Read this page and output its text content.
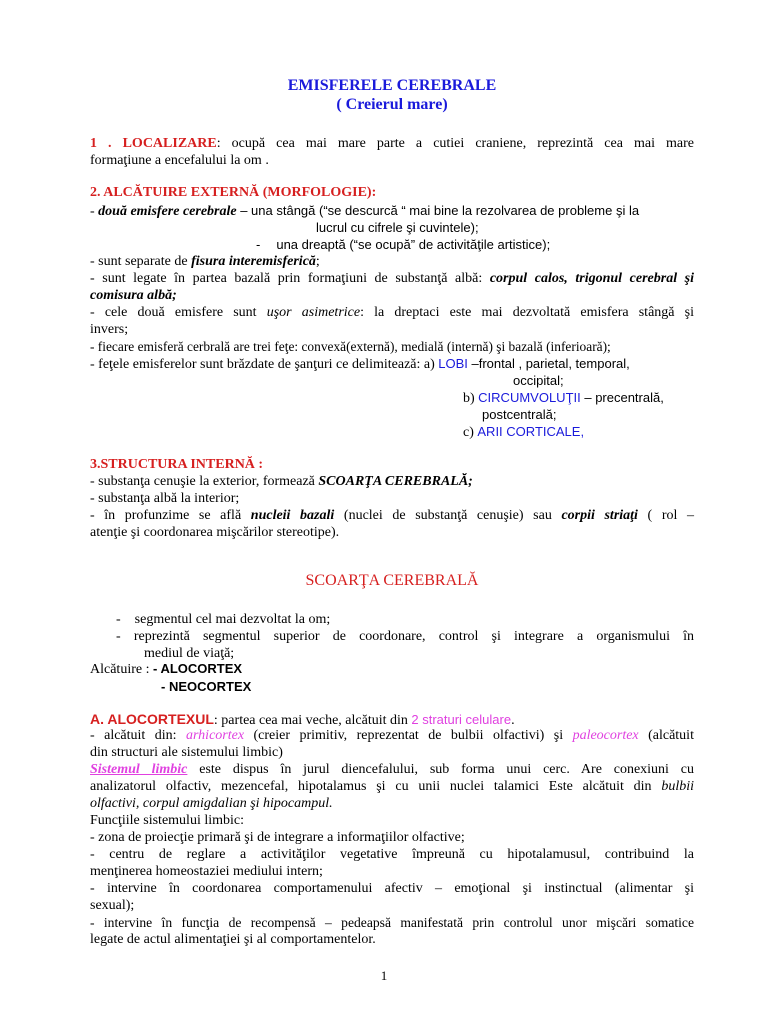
EMISFERELE CEREBRALE
( Creierul mare)
1 . LOCALIZARE: ocupă cea mai mare parte a cutiei craniene, reprezintă cea mai mare
formaţiune a encefalului la om .
2. ALCĂTUIRE EXTERNĂ (MORFOLOGIE):
- două emisfere cerebrale – una stângă (“se descurcă “ mai bine la rezolvarea de probleme şi la
lucrul cu cifrele şi cuvintele);
- una dreaptă (“se ocupă” de activităţile artistice);
- sunt separate de fisura interemisferică;
- sunt legate în partea bazală prin formaţiuni de substanţă albă: corpul calos, trigonul cerebral şi
comisura albă;
- cele două emisfere sunt uşor asimetrice: la dreptaci este mai dezvoltată emisfera stângă şi
invers;
- fiecare emisferă cerbrală are trei feţe: convexă(externă), medială (internă) şi bazală (inferioară);
- feţele emisferelor sunt brăzdate de şanţuri ce delimitează: a) LOBI –frontal , parietal, temporal,
occipital;
b) CIRCUMVOLUŢII – precentrală,
postcentrală;
c) ARII CORTICALE,
3.STRUCTURA INTERNĂ :
- substanţa cenuşie la exterior, formează SCOARŢA CEREBRALĂ;
- substanţa albă la interior;
- în profunzime se află nucleii bazali (nuclei de substanţă cenuşie) sau corpii striaţi ( rol –
atenţie şi coordonarea mişcărilor stereotipe).
SCOARŢA CEREBRALĂ
- segmentul cel mai dezvoltat la om;
- reprezintă segmentul superior de coordonare, control şi integrare a organismului în
mediul de viaţă;
Alcătuire : - ALOCORTEX
- NEOCORTEX
A. ALOCORTEXUL: partea cea mai veche, alcătuit din 2 straturi celulare.
- alcătuit din: arhicortex (creier primitiv, reprezentat de bulbii olfactivi) şi paleocortex (alcătuit
din structuri ale sistemului limbic)
Sistemul limbic este dispus în jurul diencefalului, sub forma unui cerc. Are conexiuni cu
analizatorul olfactiv, mezencefal, hipotalamus şi cu unii nuclei talamici Este alcătuit din bulbii
olfactivi, corpul amigdalian şi hipocampul.
Funcţiile sistemului limbic:
- zona de proiecţie primară şi de integrare a informaţiilor olfactive;
- centru de reglare a activităţilor vegetative împreună cu hipotalamusul, contribuind la
menţinerea homeostaziei mediului intern;
- intervine în coordonarea comportamenului afectiv – emoţional şi instinctual (alimentar şi
sexual);
- intervine în funcţia de recompensă – pedeapsă manifestată prin controlul unor mişcări somatice
legate de actul alimentaţiei şi al comportamentelor.
1
